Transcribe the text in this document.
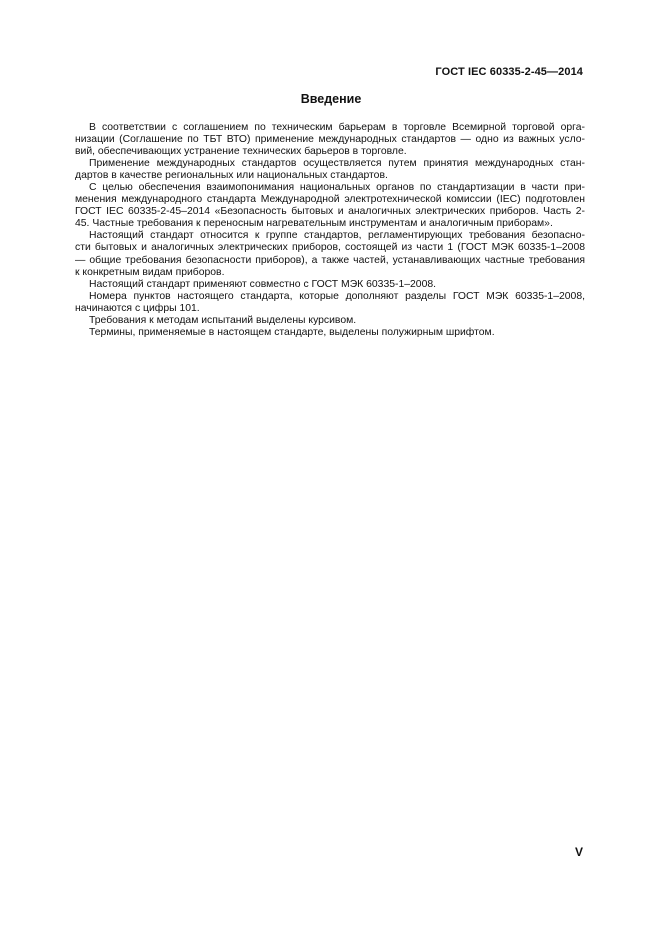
ГОСТ IEC 60335-2-45—2014
Введение
В соответствии с соглашением по техническим барьерам в торговле Всемирной торговой орга-
низации (Соглашение по ТБТ ВТО) применение международных стандартов — одно из важных усло-
вий, обеспечивающих устранение технических барьеров в торговле.
Применение международных стандартов осуществляется путем принятия международных стан-
дартов в качестве региональных или национальных стандартов.
С целью обеспечения взаимопонимания национальных органов по стандартизации в части при-
менения международного стандарта Международной электротехнической комиссии (IEC) подготовлен
ГОСТ IEC 60335-2-45–2014 «Безопасность бытовых и аналогичных электрических приборов. Часть 2-
45. Частные требования к переносным нагревательным инструментам и аналогичным приборам».
Настоящий стандарт относится к группе стандартов, регламентирующих требования безопасно-
сти бытовых и аналогичных электрических приборов, состоящей из части 1 (ГОСТ МЭК 60335-1–2008
— общие требования безопасности приборов), а также частей, устанавливающих частные требования
к конкретным видам приборов.
Настоящий стандарт применяют совместно с ГОСТ МЭК 60335-1–2008.
Номера пунктов настоящего стандарта, которые дополняют разделы ГОСТ МЭК 60335-1–2008,
начинаются с цифры 101.
Требования к методам испытаний выделены курсивом.
Термины, применяемые в настоящем стандарте, выделены полужирным шрифтом.
V
